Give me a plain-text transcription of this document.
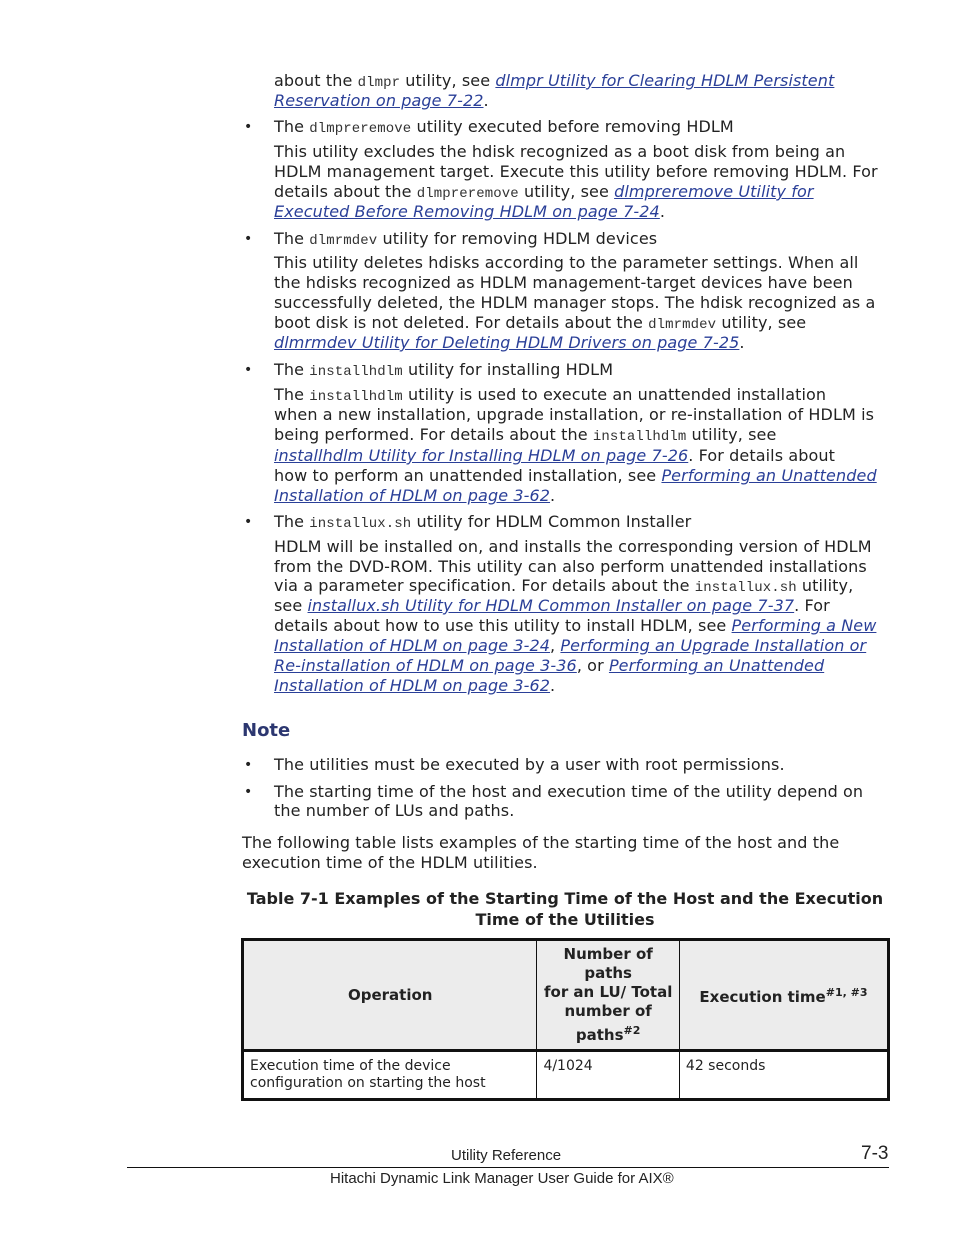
about the dlmpr utility, see dlmpr Utility for Clearing HDLM Persistent
Reservation on page 7-22.
• The dlmpreremove utility executed before removing HDLM
This utility excludes the hdisk recognized as a boot disk from being an
HDLM management target. Execute this utility before removing HDLM. For
details about the dlmpreremove utility, see dlmpreremove Utility for
Executed Before Removing HDLM on page 7-24.
• The dlmrmdev utility for removing HDLM devices
This utility deletes hdisks according to the parameter settings. When all
the hdisks recognized as HDLM management-target devices have been
successfully deleted, the HDLM manager stops. The hdisk recognized as a
boot disk is not deleted. For details about the dlmrmdev utility, see
dlmrmdev Utility for Deleting HDLM Drivers on page 7-25.
• The installhdlm utility for installing HDLM
The installhdlm utility is used to execute an unattended installation
when a new installation, upgrade installation, or re-installation of HDLM is
being performed. For details about the installhdlm utility, see
installhdlm Utility for Installing HDLM on page 7-26. For details about
how to perform an unattended installation, see Performing an Unattended
Installation of HDLM on page 3-62.
• The installux.sh utility for HDLM Common Installer
HDLM will be installed on, and installs the corresponding version of HDLM
from the DVD-ROM. This utility can also perform unattended installations
via a parameter specification. For details about the installux.sh utility,
see installux.sh Utility for HDLM Common Installer on page 7-37. For
details about how to use this utility to install HDLM, see Performing a New
Installation of HDLM on page 3-24, Performing an Upgrade Installation or
Re-installation of HDLM on page 3-36, or Performing an Unattended
Installation of HDLM on page 3-62.
Note
• The utilities must be executed by a user with root permissions.
• The starting time of the host and execution time of the utility depend on
the number of LUs and paths.
The following table lists examples of the starting time of the host and the
execution time of the HDLM utilities.
Table 7-1 Examples of the Starting Time of the Host and the Execution
Time of the Utilities
Operation	Number of paths
for an LU/ Total
number of
paths$^{\#2}$	Execution time$^{\#1, \#3}$
Execution time of the device
configuration on starting the host	4/1024	42 seconds
Utility Reference	7-3
Hitachi Dynamic Link Manager User Guide for AIX®
